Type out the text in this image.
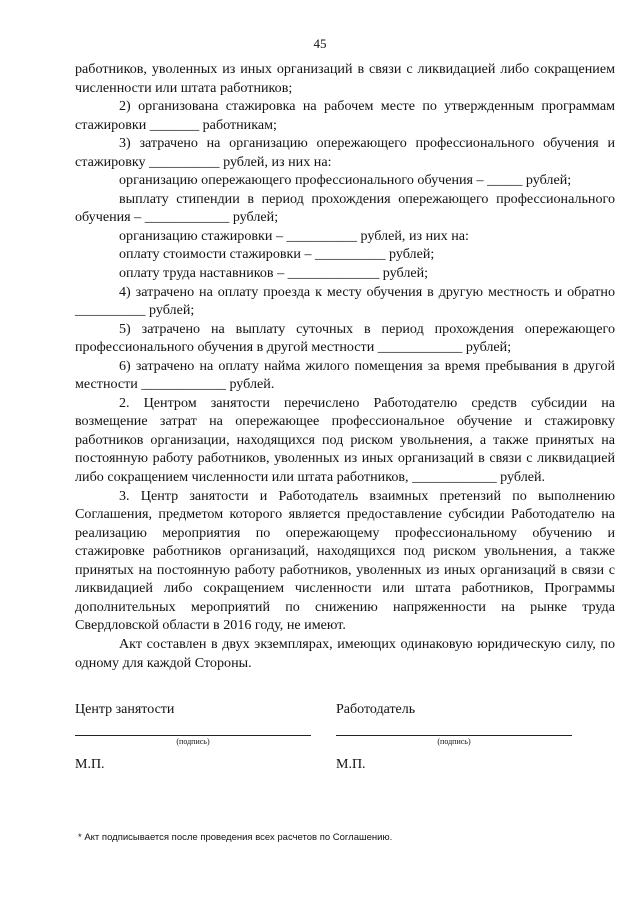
45

работников, уволенных из иных организаций в связи с ликвидацией либо сокращением численности или штата работников;

2) организована стажировка на рабочем месте по утвержденным программам стажировки _______ работникам;

3) затрачено на организацию опережающего профессионального обучения и стажировку __________ рублей, из них на:

организацию опережающего профессионального обучения – _____ рублей;

выплату стипендии в период прохождения опережающего профессионального обучения – ____________ рублей;

организацию стажировки – __________ рублей, из них на:

оплату стоимости стажировки – __________ рублей;

оплату труда наставников – _____________ рублей;

4) затрачено на оплату проезда к месту обучения в другую местность и обратно __________ рублей;

5) затрачено на выплату суточных в период прохождения опережающего профессионального обучения в другой местности ____________ рублей;

6) затрачено на оплату найма жилого помещения за время пребывания в другой местности ____________ рублей.

2. Центром занятости перечислено Работодателю средств субсидии на возмещение затрат на опережающее профессиональное обучение и стажировку работников организации, находящихся под риском увольнения, а также принятых на постоянную работу работников, уволенных из иных организаций в связи с ликвидацией либо сокращением численности или штата работников, ____________ рублей.

3. Центр занятости и Работодатель взаимных претензий по выполнению Соглашения, предметом которого является предоставление субсидии Работодателю на реализацию мероприятия по опережающему профессиональному обучению и стажировке работников организаций, находящихся под риском увольнения, а также принятых на постоянную работу работников, уволенных из иных организаций в связи с ликвидацией либо сокращением численности или штата работников, Программы дополнительных мероприятий по снижению напряженности на рынке труда Свердловской области в 2016 году, не имеют.

Акт составлен в двух экземплярах, имеющих одинаковую юридическую силу, по одному для каждой Стороны.

Центр занятости	Работодатель
(подпись)	(подпись)
М.П.	М.П.
* Акт подписывается после проведения всех расчетов по Соглашению.
